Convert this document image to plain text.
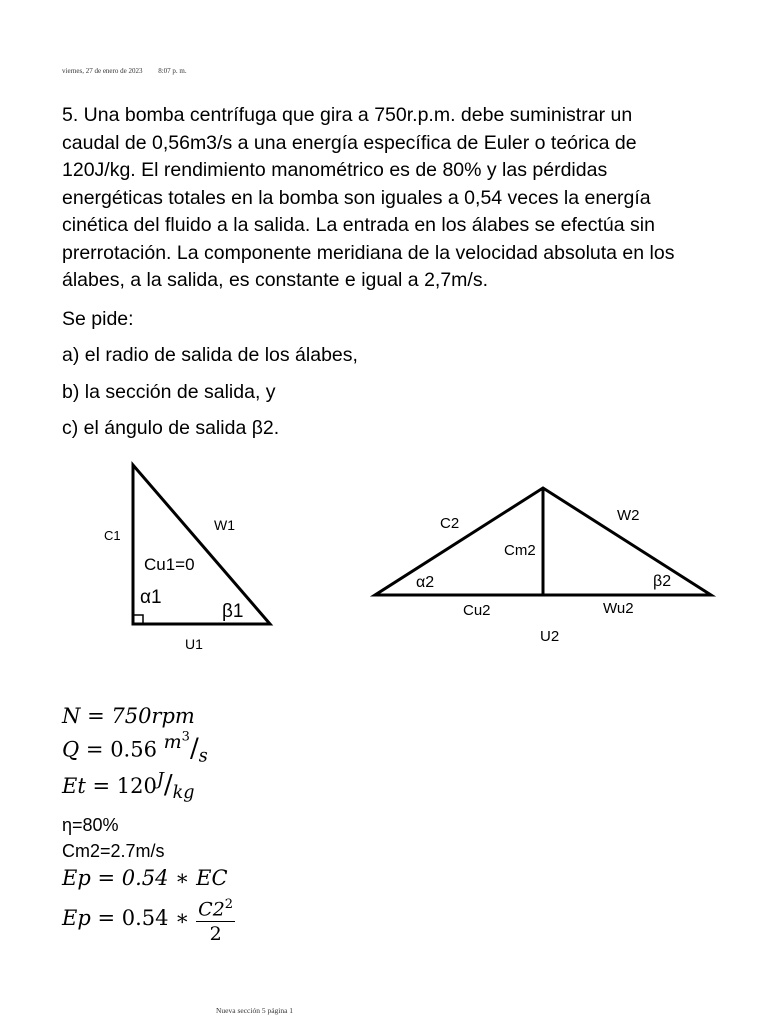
viernes, 27 de enero de 2023 8:07 p. m.

5. Una bomba centrífuga que gira a 750r.p.m. debe suministrar un

caudal de 0,56m3/s a una energía específica de Euler o teórica de

120J/kg. El rendimiento manométrico es de 80% y las pérdidas

energéticas totales en la bomba son iguales a 0,54 veces la energía

cinética del fluido a la salida. La entrada en los álabes se efectúa sin

prerrotación. La componente meridiana de la velocidad absoluta en los

álabes, a la salida, es constante e igual a 2,7m/s.

Se pide:

a) el radio de salida de los álabes,

b) la sección de salida, y

c) el ángulo de salida β2.

C1
W1
Cu1=0
α1
β1
U1
C2	W2
Cm2
α2	β2
Cu2	Wu2
U2
N = 750rpm
Q = 0.56 $^{m^3}/_s$
$Et = 120^J/_{kg}$
η=80%
Cm2=2.7m/s
Ep = 0.54 ∗ EC
Ep = 0.54 ∗ $\frac{C2^2}{2}$
Nueva sección 5 página 1
